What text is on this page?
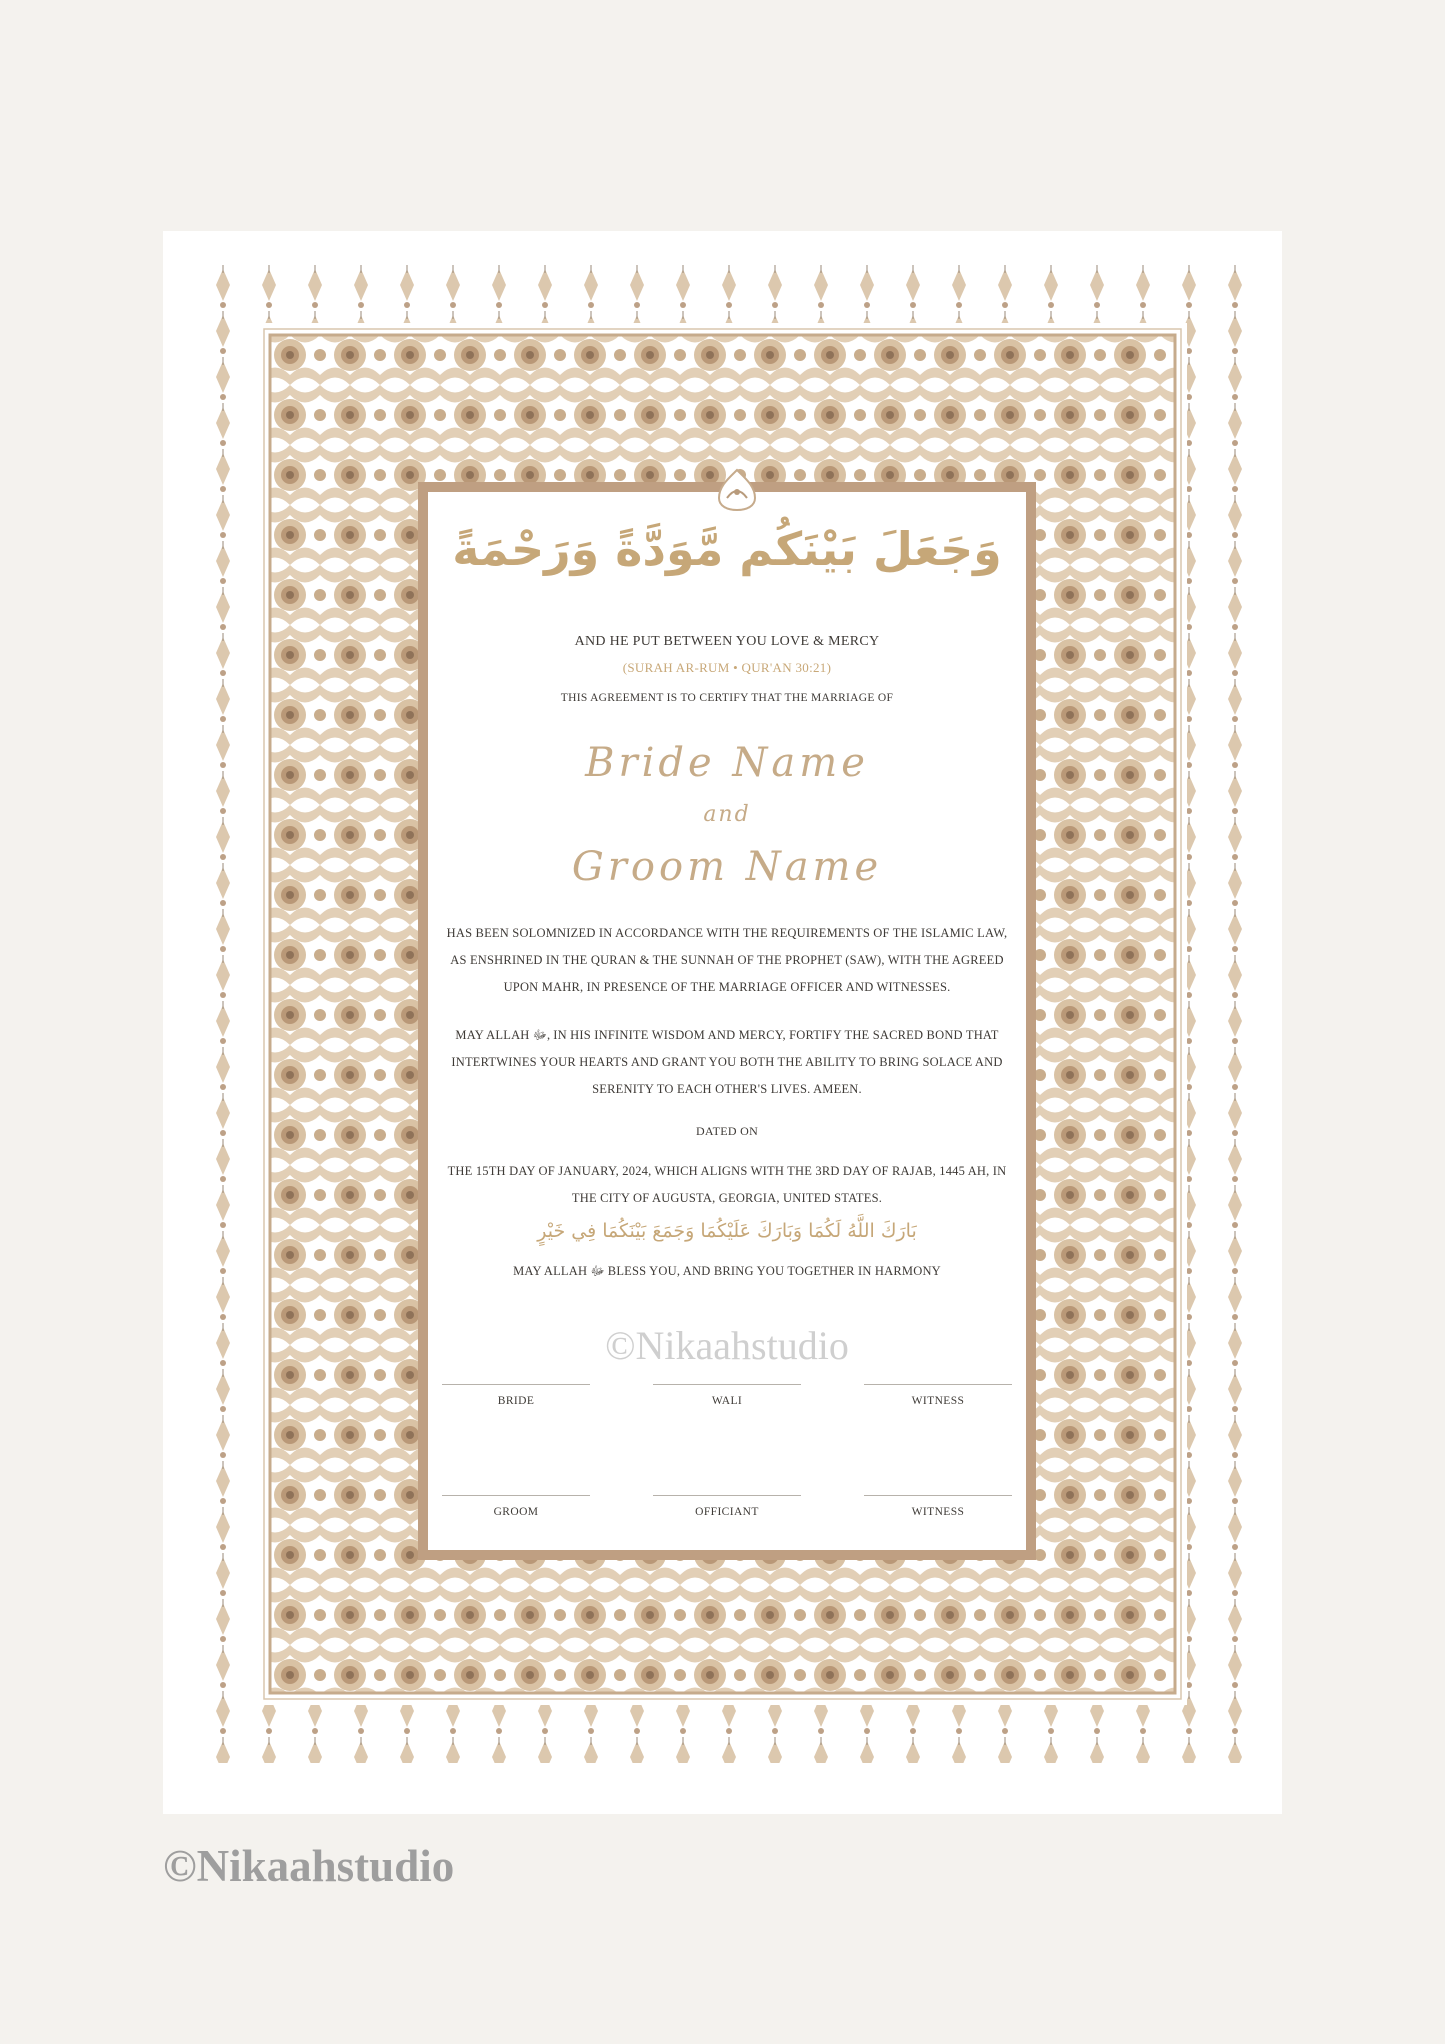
وَجَعَلَ بَيْنَكُم مَّوَدَّةً وَرَحْمَةً
AND HE PUT BETWEEN YOU LOVE & MERCY
(SURAH AR-RUM • QUR'AN 30:21)
THIS AGREEMENT IS TO CERTIFY THAT THE MARRIAGE OF
Bride Name
and
Groom Name
HAS BEEN SOLOMNIZED IN ACCORDANCE WITH THE REQUIREMENTS OF THE ISLAMIC LAW, AS ENSHRINED IN THE QURAN & THE SUNNAH OF THE PROPHET (SAW), WITH THE AGREED UPON MAHR, IN PRESENCE OF THE MARRIAGE OFFICER AND WITNESSES.
MAY ALLAH ﷻ, IN HIS INFINITE WISDOM AND MERCY, FORTIFY THE SACRED BOND THAT INTERTWINES YOUR HEARTS AND GRANT YOU BOTH THE ABILITY TO BRING SOLACE AND SERENITY TO EACH OTHER'S LIVES. AMEEN.
DATED ON
THE 15TH DAY OF JANUARY, 2024, WHICH ALIGNS WITH THE 3RD DAY OF RAJAB, 1445 AH, IN THE CITY OF AUGUSTA, GEORGIA, UNITED STATES.
بَارَكَ اللَّهُ لَكُمَا وَبَارَكَ عَلَيْكُمَا وَجَمَعَ بَيْنَكُمَا فِي خَيْرٍ
MAY ALLAH ﷻ BLESS YOU, AND BRING YOU TOGETHER IN HARMONY
©Nikaahstudio
BRIDE	WALI	WITNESS
GROOM	OFFICIANT	WITNESS
©Nikaahstudio
